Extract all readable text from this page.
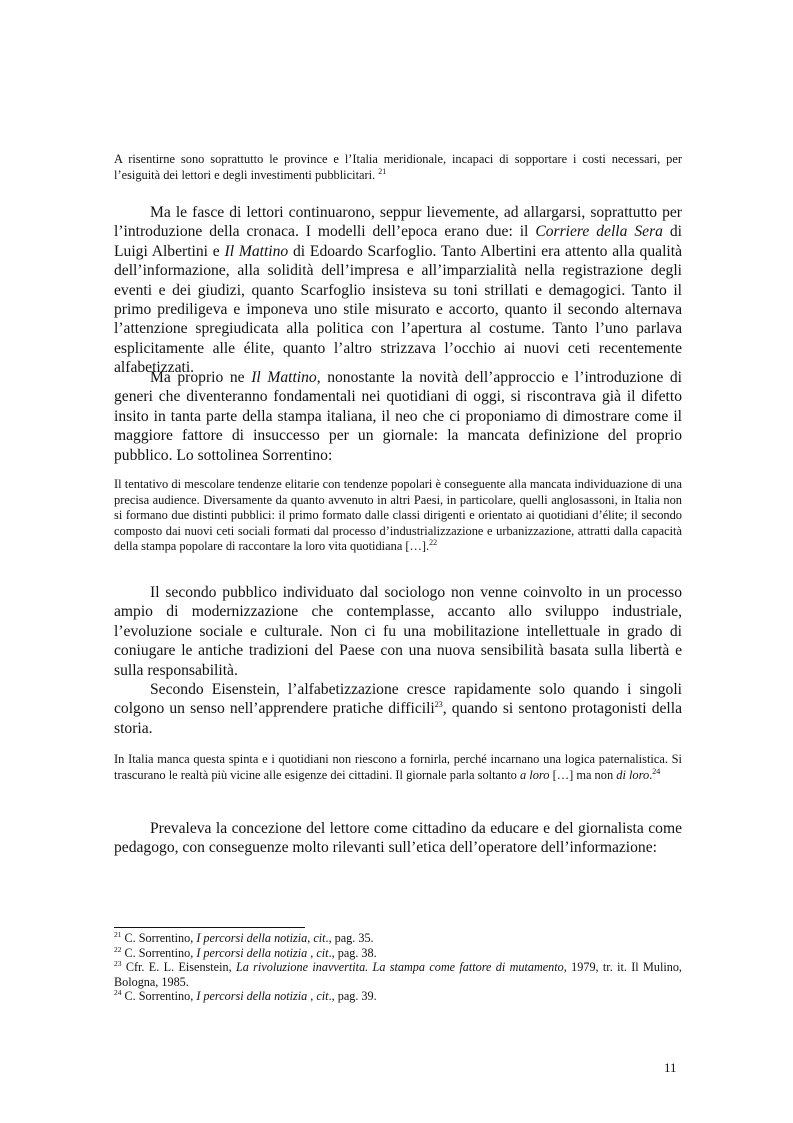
A risentirne sono soprattutto le province e l’Italia meridionale, incapaci di sopportare i costi necessari, per l’esiguità dei lettori e degli investimenti pubblicitari. $^{21}$

Ma le fasce di lettori continuarono, seppur lievemente, ad allargarsi, soprattutto per l’introduzione della cronaca. I modelli dell’epoca erano due: il Corriere della Sera di Luigi Albertini e Il Mattino di Edoardo Scarfoglio. Tanto Albertini era attento alla qualità dell’informazione, alla solidità dell’impresa e all’imparzialità nella registrazione degli eventi e dei giudizi, quanto Scarfoglio insisteva su toni strillati e demagogici. Tanto il primo prediligeva e imponeva uno stile misurato e accorto, quanto il secondo alternava l’attenzione spregiudicata alla politica con l’apertura al costume. Tanto l’uno parlava esplicitamente alle élite, quanto l’altro strizzava l’occhio ai nuovi ceti recentemente alfabetizzati.

Ma proprio ne Il Mattino, nonostante la novità dell’approccio e l’introduzione di generi che diventeranno fondamentali nei quotidiani di oggi, si riscontrava già il difetto insito in tanta parte della stampa italiana, il neo che ci proponiamo di dimostrare come il maggiore fattore di insuccesso per un giornale: la mancata definizione del proprio pubblico. Lo sottolinea Sorrentino:

Il tentativo di mescolare tendenze elitarie con tendenze popolari è conseguente alla mancata individuazione di una precisa audience. Diversamente da quanto avvenuto in altri Paesi, in particolare, quelli anglosassoni, in Italia non si formano due distinti pubblici: il primo formato dalle classi dirigenti e orientato ai quotidiani d’élite; il secondo composto dai nuovi ceti sociali formati dal processo d’industrializzazione e urbanizzazione, attratti dalla capacità della stampa popolare di raccontare la loro vita quotidiana […].$^{22}$

Il secondo pubblico individuato dal sociologo non venne coinvolto in un processo ampio di modernizzazione che contemplasse, accanto allo sviluppo industriale, l’evoluzione sociale e culturale. Non ci fu una mobilitazione intellettuale in grado di coniugare le antiche tradizioni del Paese con una nuova sensibilità basata sulla libertà e sulla responsabilità.

Secondo Eisenstein, l’alfabetizzazione cresce rapidamente solo quando i singoli colgono un senso nell’apprendere pratiche difficili$^{23}$, quando si sentono protagonisti della storia.

In Italia manca questa spinta e i quotidiani non riescono a fornirla, perché incarnano una logica paternalistica. Si trascurano le realtà più vicine alle esigenze dei cittadini. Il giornale parla soltanto a loro […] ma non di loro.$^{24}$

Prevaleva la concezione del lettore come cittadino da educare e del giornalista come pedagogo, con conseguenze molto rilevanti sull’etica dell’operatore dell’informazione:

$^{21}$ C. Sorrentino, I percorsi della notizia, cit., pag. 35.

$^{22}$ C. Sorrentino, I percorsi della notizia , cit., pag. 38.

$^{23}$ Cfr. E. L. Eisenstein, La rivoluzione inavvertita. La stampa come fattore di mutamento, 1979, tr. it. Il Mulino, Bologna, 1985.

$^{24}$ C. Sorrentino, I percorsi della notizia , cit., pag. 39.

11
